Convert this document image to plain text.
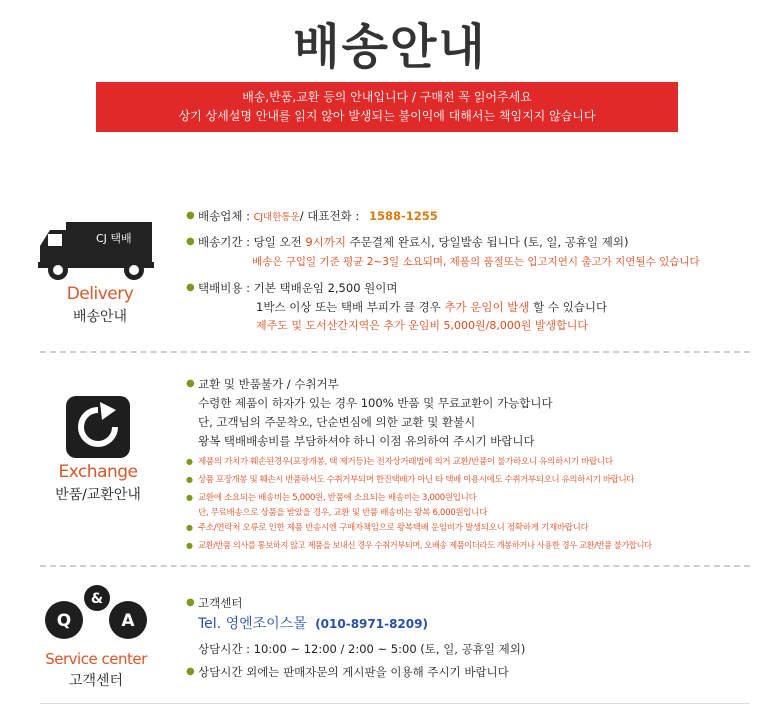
배송안내
배송,반품,교환 등의 안내입니다 / 구매전 꼭 읽어주세요
상기 상세설명 안내를 읽지 않아 발생되는 불이익에 대해서는 책임지지 않습니다
CJ 택배
Delivery
배송안내
● 배송업체 : CJ대한통운/ 대표전화 : 1588-1255
● 배송기간 : 당일 오전 9시까지 주문결제 완료시, 당일발송 됩니다 (토, 일, 공휴일 제외)
배송은 구입일 기준 평균 2~3일 소요되며, 제품의 품절또는 입고지연시 출고가 지연될수 있습니다
● 택배비용 : 기본 택배운임 2,500 원이며
1박스 이상 또는 택배 부피가 클 경우 추가 운임이 발생 할 수 있습니다
제주도 및 도서산간지역은 추가 운임비 5,000원/8,000원 발생합니다
Exchange
반품/교환안내
● 교환 및 반품불가 / 수취거부
수령한 제품이 하자가 있는 경우 100% 반품 및 무료교환이 가능합니다
단, 고객님의 주문착오, 단순변심에 의한 교환 및 환불시
왕복 택배배송비를 부담하셔야 하니 이점 유의하여 주시기 바랍니다
● 제품의 가치가 훼손된경우(포장개봉, 택 제거등)는 전자상거래법에 의거 교환/반품이 불가하오니 유의하시기 바랍니다
● 상품 포장개봉 및 훼손시 반품하셔도 수취거부되며 한진택배가 아닌 타 택배 이용시에도 수취거부되오니 유의하시기 바랍니다
● 교환에 소요되는 배송비는 5,000원, 반품에 소요되는 배송비는 3,000원입니다
단, 무료배송으로 상품을 받았을 경우, 교환 및 반품 배송비는 왕복 6,000원입니다
● 주소/연락처 오류로 인한 제품 반송시엔 구매자책임으로 왕복택배 운임비가 발생되오니 정확하게 기재바랍니다
● 교환/반품 의사를 통보하지 않고 제품을 보내신 경우 수취거부되며, 오배송 제품이더라도 개봉하거나 사용한 경우 교환/반품 불가합니다
Q
&
A
Service center
고객센터
● 고객센터
Tel. 영엔조이스몰 (010-8971-8209)
상담시간 : 10:00 ~ 12:00 / 2:00 ~ 5:00 (토, 일, 공휴일 제외)
● 상담시간 외에는 판매자문의 게시판을 이용해 주시기 바랍니다
